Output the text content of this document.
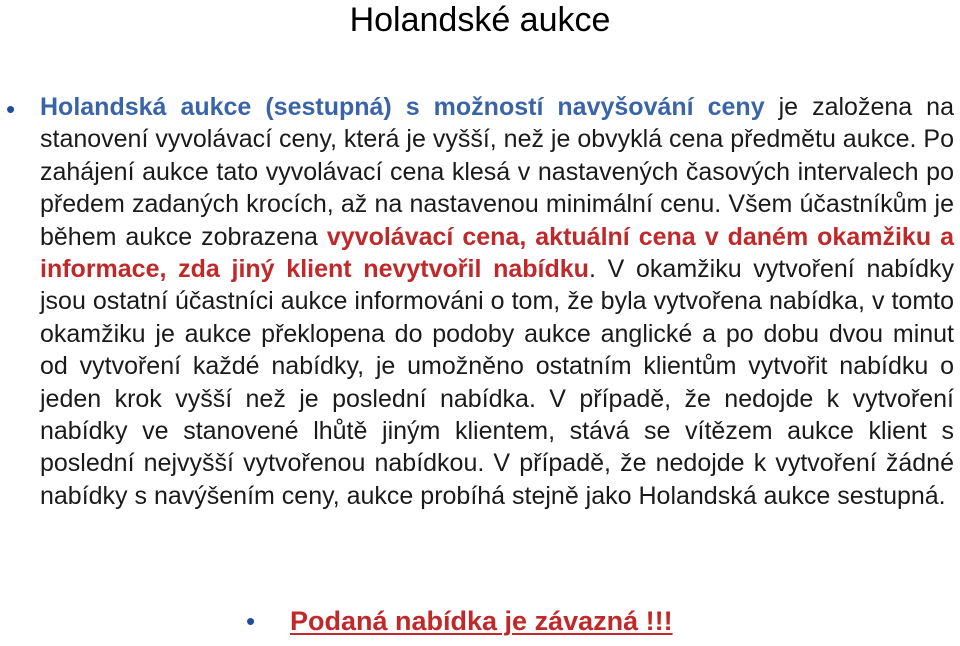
Holandské aukce
• Holandská aukce (sestupná) s možností navyšování ceny je založena na stanovení vyvolávací ceny, která je vyšší, než je obvyklá cena předmětu aukce. Po zahájení aukce tato vyvolávací cena klesá v nastavených časových intervalech po předem zadaných krocích, až na nastavenou minimální cenu. Všem účastníkům je během aukce zobrazena vyvolávací cena, aktuální cena v daném okamžiku a informace, zda jiný klient nevytvořil nabídku. V okamžiku vytvoření nabídky jsou ostatní účastníci aukce informováni o tom, že byla vytvořena nabídka, v tomto okamžiku je aukce překlopena do podoby aukce anglické a po dobu dvou minut od vytvoření každé nabídky, je umožněno ostatním klientům vytvořit nabídku o jeden krok vyšší než je poslední nabídka. V případě, že nedojde k vytvoření nabídky ve stanovené lhůtě jiným klientem, stává se vítězem aukce klient s poslední nejvyšší vytvořenou nabídkou. V případě, že nedojde k vytvoření žádné nabídky s navýšením ceny, aukce probíhá stejně jako Holandská aukce sestupná.

• Podaná nabídka je závazná !!!
